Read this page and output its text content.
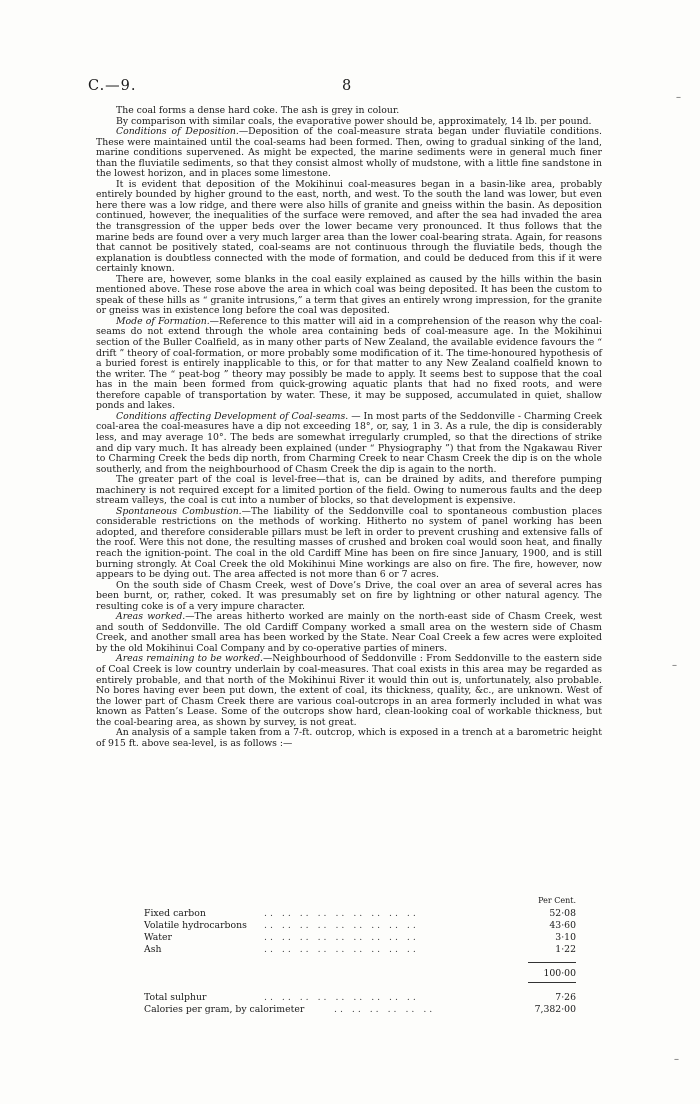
C.—9.	8

The coal forms a dense hard coke. The ash is grey in colour.

By comparison with similar coals, the evaporative power should be, approximately, 14 lb. per pound.

Conditions of Deposition.—Deposition of the coal-measure strata began under fluviatile conditions. These were maintained until the coal-seams had been formed. Then, owing to gradual sinking of the land, marine conditions supervened. As might be expected, the marine sediments were in general much finer than the fluviatile sediments, so that they consist almost wholly of mudstone, with a little fine sandstone in the lowest horizon, and in places some limestone.

It is evident that deposition of the Mokihinui coal-measures began in a basin-like area, probably entirely bounded by higher ground to the east, north, and west. To the south the land was lower, but even here there was a low ridge, and there were also hills of granite and gneiss within the basin. As deposition continued, however, the inequalities of the surface were removed, and after the sea had invaded the area the transgression of the upper beds over the lower became very pronounced. It thus follows that the marine beds are found over a very much larger area than the lower coal-bearing strata. Again, for reasons that cannot be positively stated, coal-seams are not continuous through the fluviatile beds, though the explanation is doubtless connected with the mode of formation, and could be deduced from this if it were certainly known.

There are, however, some blanks in the coal easily explained as caused by the hills within the basin mentioned above. These rose above the area in which coal was being deposited. It has been the custom to speak of these hills as “ granite intrusions,” a term that gives an entirely wrong impression, for the granite or gneiss was in existence long before the coal was deposited.

Mode of Formation.—Reference to this matter will aid in a comprehension of the reason why the coal-seams do not extend through the whole area containing beds of coal-measure age. In the Mokihinui section of the Buller Coalfield, as in many other parts of New Zealand, the available evidence favours the “ drift ” theory of coal-formation, or more probably some modification of it. The time-honoured hypothesis of a buried forest is entirely inapplicable to this, or for that matter to any New Zealand coalfield known to the writer. The “ peat-bog ” theory may possibly be made to apply. It seems best to suppose that the coal has in the main been formed from quick-growing aquatic plants that had no fixed roots, and were therefore capable of transportation by water. These, it may be supposed, accumulated in quiet, shallow ponds and lakes.

Conditions affecting Development of Coal-seams. — In most parts of the Seddonville - Charming Creek coal-area the coal-measures have a dip not exceeding 18°, or, say, 1 in 3. As a rule, the dip is considerably less, and may average 10°. The beds are somewhat irregularly crumpled, so that the directions of strike and dip vary much. It has already been explained (under “ Physiography ”) that from the Ngakawau River to Charming Creek the beds dip north, from Charming Creek to near Chasm Creek the dip is on the whole southerly, and from the neighbourhood of Chasm Creek the dip is again to the north.

The greater part of the coal is level-free—that is, can be drained by adits, and therefore pumping machinery is not required except for a limited portion of the field. Owing to numerous faults and the deep stream valleys, the coal is cut into a number of blocks, so that development is expensive.

Spontaneous Combustion.—The liability of the Seddonville coal to spontaneous combustion places considerable restrictions on the methods of working. Hitherto no system of panel working has been adopted, and therefore considerable pillars must be left in order to prevent crushing and extensive falls of the roof. Were this not done, the resulting masses of crushed and broken coal would soon heat, and finally reach the ignition-point. The coal in the old Cardiff Mine has been on fire since January, 1900, and is still burning strongly. At Coal Creek the old Mokihinui Mine workings are also on fire. The fire, however, now appears to be dying out. The area affected is not more than 6 or 7 acres.

On the south side of Chasm Creek, west of Dove’s Drive, the coal over an area of several acres has been burnt, or, rather, coked. It was presumably set on fire by lightning or other natural agency. The resulting coke is of a very impure character.

Areas worked.—The areas hitherto worked are mainly on the north-east side of Chasm Creek, west and south of Seddonville. The old Cardiff Company worked a small area on the western side of Chasm Creek, and another small area has been worked by the State. Near Coal Creek a few acres were exploited by the old Mokihinui Coal Company and by co-operative parties of miners.

Areas remaining to be worked.—Neighbourhood of Seddonville : From Seddonville to the eastern side of Coal Creek is low country underlain by coal-measures. That coal exists in this area may be regarded as entirely probable, and that north of the Mokihinui River it would thin out is, unfortunately, also probable. No bores having ever been put down, the extent of coal, its thickness, quality, &c., are unknown. West of the lower part of Chasm Creek there are various coal-outcrops in an area formerly included in what was known as Patten’s Lease. Some of the outcrops show hard, clean-looking coal of workable thickness, but the coal-bearing area, as shown by survey, is not great.

An analysis of a sample taken from a 7-ft. outcrop, which is exposed in a trench at a barometric height of 915 ft. above sea-level, is as follows :—

Per Cent.
Fixed carbon	.. .. .. .. .. .. .. .. ..	52·08
Volatile hydrocarbons .. .. .. .. .. .. .. .. ..	43·60
Water	.. .. .. .. .. .. .. .. ..	3·10
Ash	.. .. .. .. .. .. .. .. ..	1·22
100·00
Total sulphur	.. .. .. .. .. .. .. .. ..	7·26
Calories per gram, by calorimeter	.. .. .. .. .. ..	7,382·00
–
–
–
